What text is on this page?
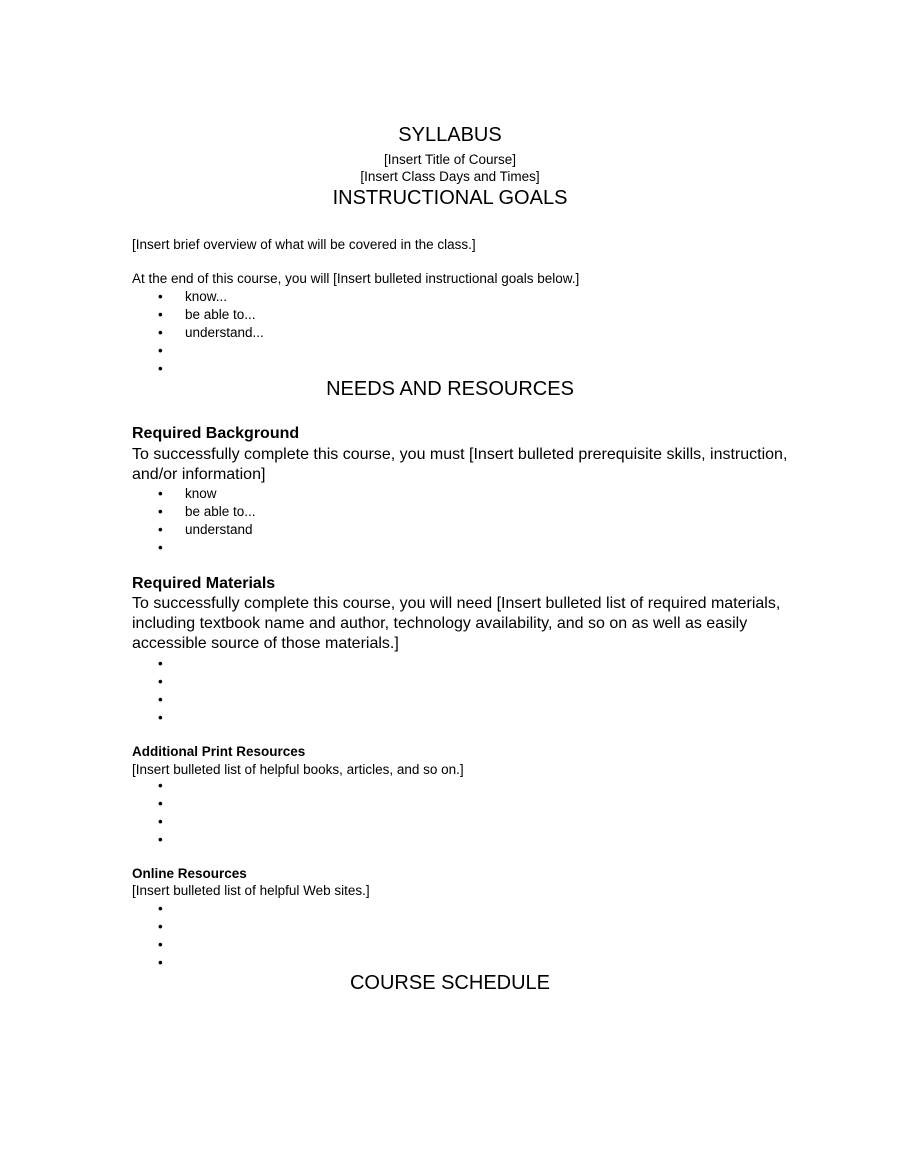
SYLLABUS
[Insert Title of Course]
[Insert Class Days and Times]
INSTRUCTIONAL GOALS
[Insert brief overview of what will be covered in the class.]
At the end of this course, you will [Insert bulleted instructional goals below.]
• know...
• be able to...
• understand...
•
•
NEEDS AND RESOURCES
Required Background
To successfully complete this course, you must [Insert bulleted prerequisite skills, instruction, and/or information]
• know
• be able to...
• understand
•
Required Materials
To successfully complete this course, you will need [Insert bulleted list of required materials, including textbook name and author, technology availability, and so on as well as easily accessible source of those materials.]
•
•
•
•
Additional Print Resources
[Insert bulleted list of helpful books, articles, and so on.]
•
•
•
•
Online Resources
[Insert bulleted list of helpful Web sites.]
•
•
•
•
COURSE SCHEDULE
